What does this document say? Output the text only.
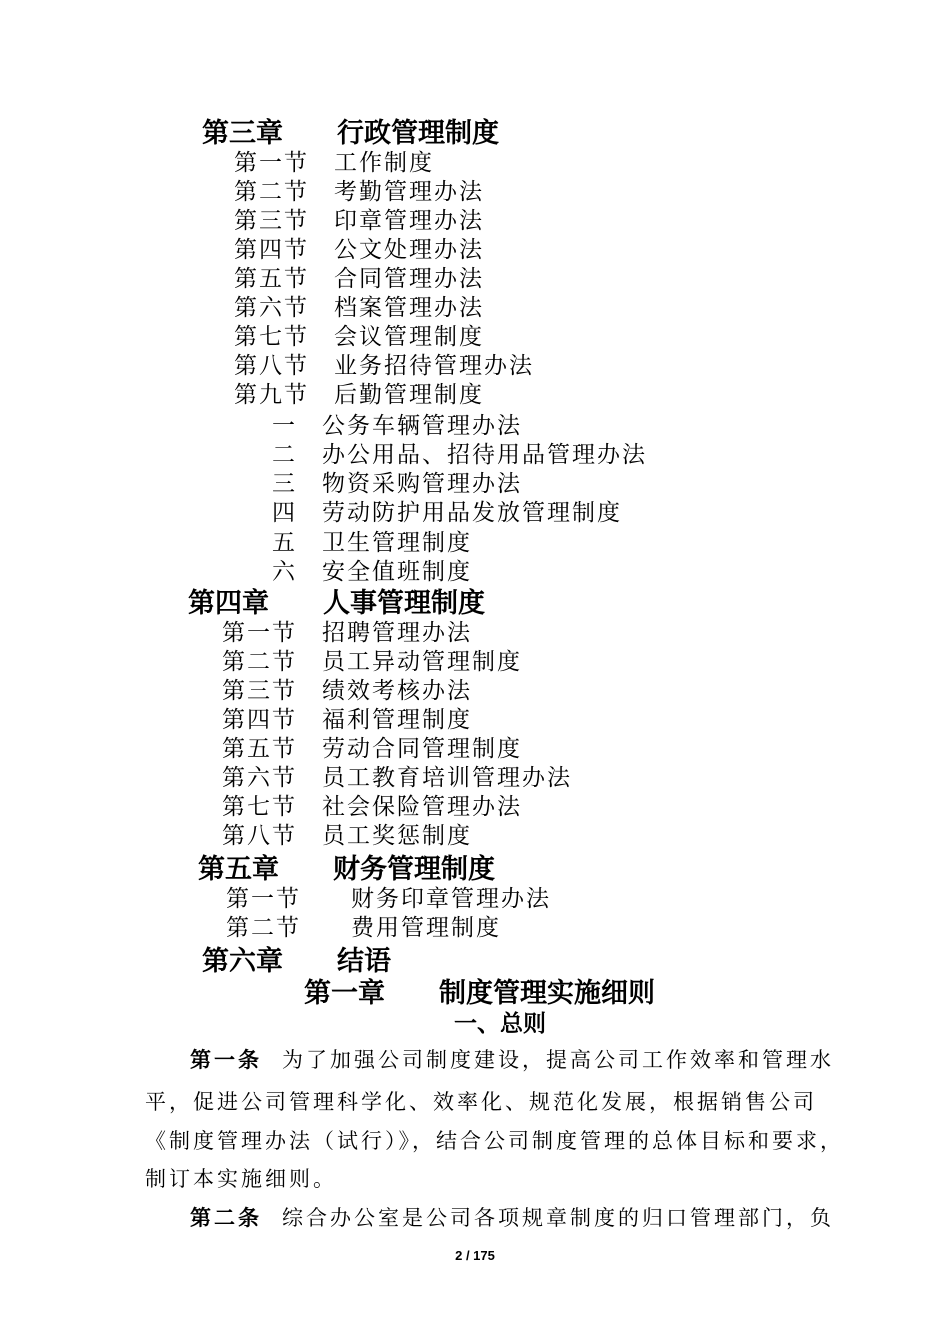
第三章　　行政管理制度
第一节　工作制度
第二节　考勤管理办法
第三节　印章管理办法
第四节　公文处理办法
第五节　合同管理办法
第六节　档案管理办法
第七节　会议管理制度
第八节　业务招待管理办法
第九节　后勤管理制度
一　公务车辆管理办法
二　办公用品、招待用品管理办法
三　物资采购管理办法
四　劳动防护用品发放管理制度
五　卫生管理制度
六　安全值班制度
第四章　　人事管理制度
第一节　招聘管理办法
第二节　员工异动管理制度
第三节　绩效考核办法
第四节　福利管理制度
第五节　劳动合同管理制度
第六节　员工教育培训管理办法
第七节　社会保险管理办法
第八节　员工奖惩制度
第五章　　财务管理制度
第一节　　财务印章管理办法
第二节　　费用管理制度
第六章　　结语
第一章　　制度管理实施细则
一、总则
第一条 为了加强公司制度建设，提高公司工作效率和管理水
平，促进公司管理科学化、效率化、规范化发展，根据销售公司
《制度管理办法（试行）》，结合公司制度管理的总体目标和要求，
制订本实施细则。
第二条 综合办公室是公司各项规章制度的归口管理部门，负
2 / 175
